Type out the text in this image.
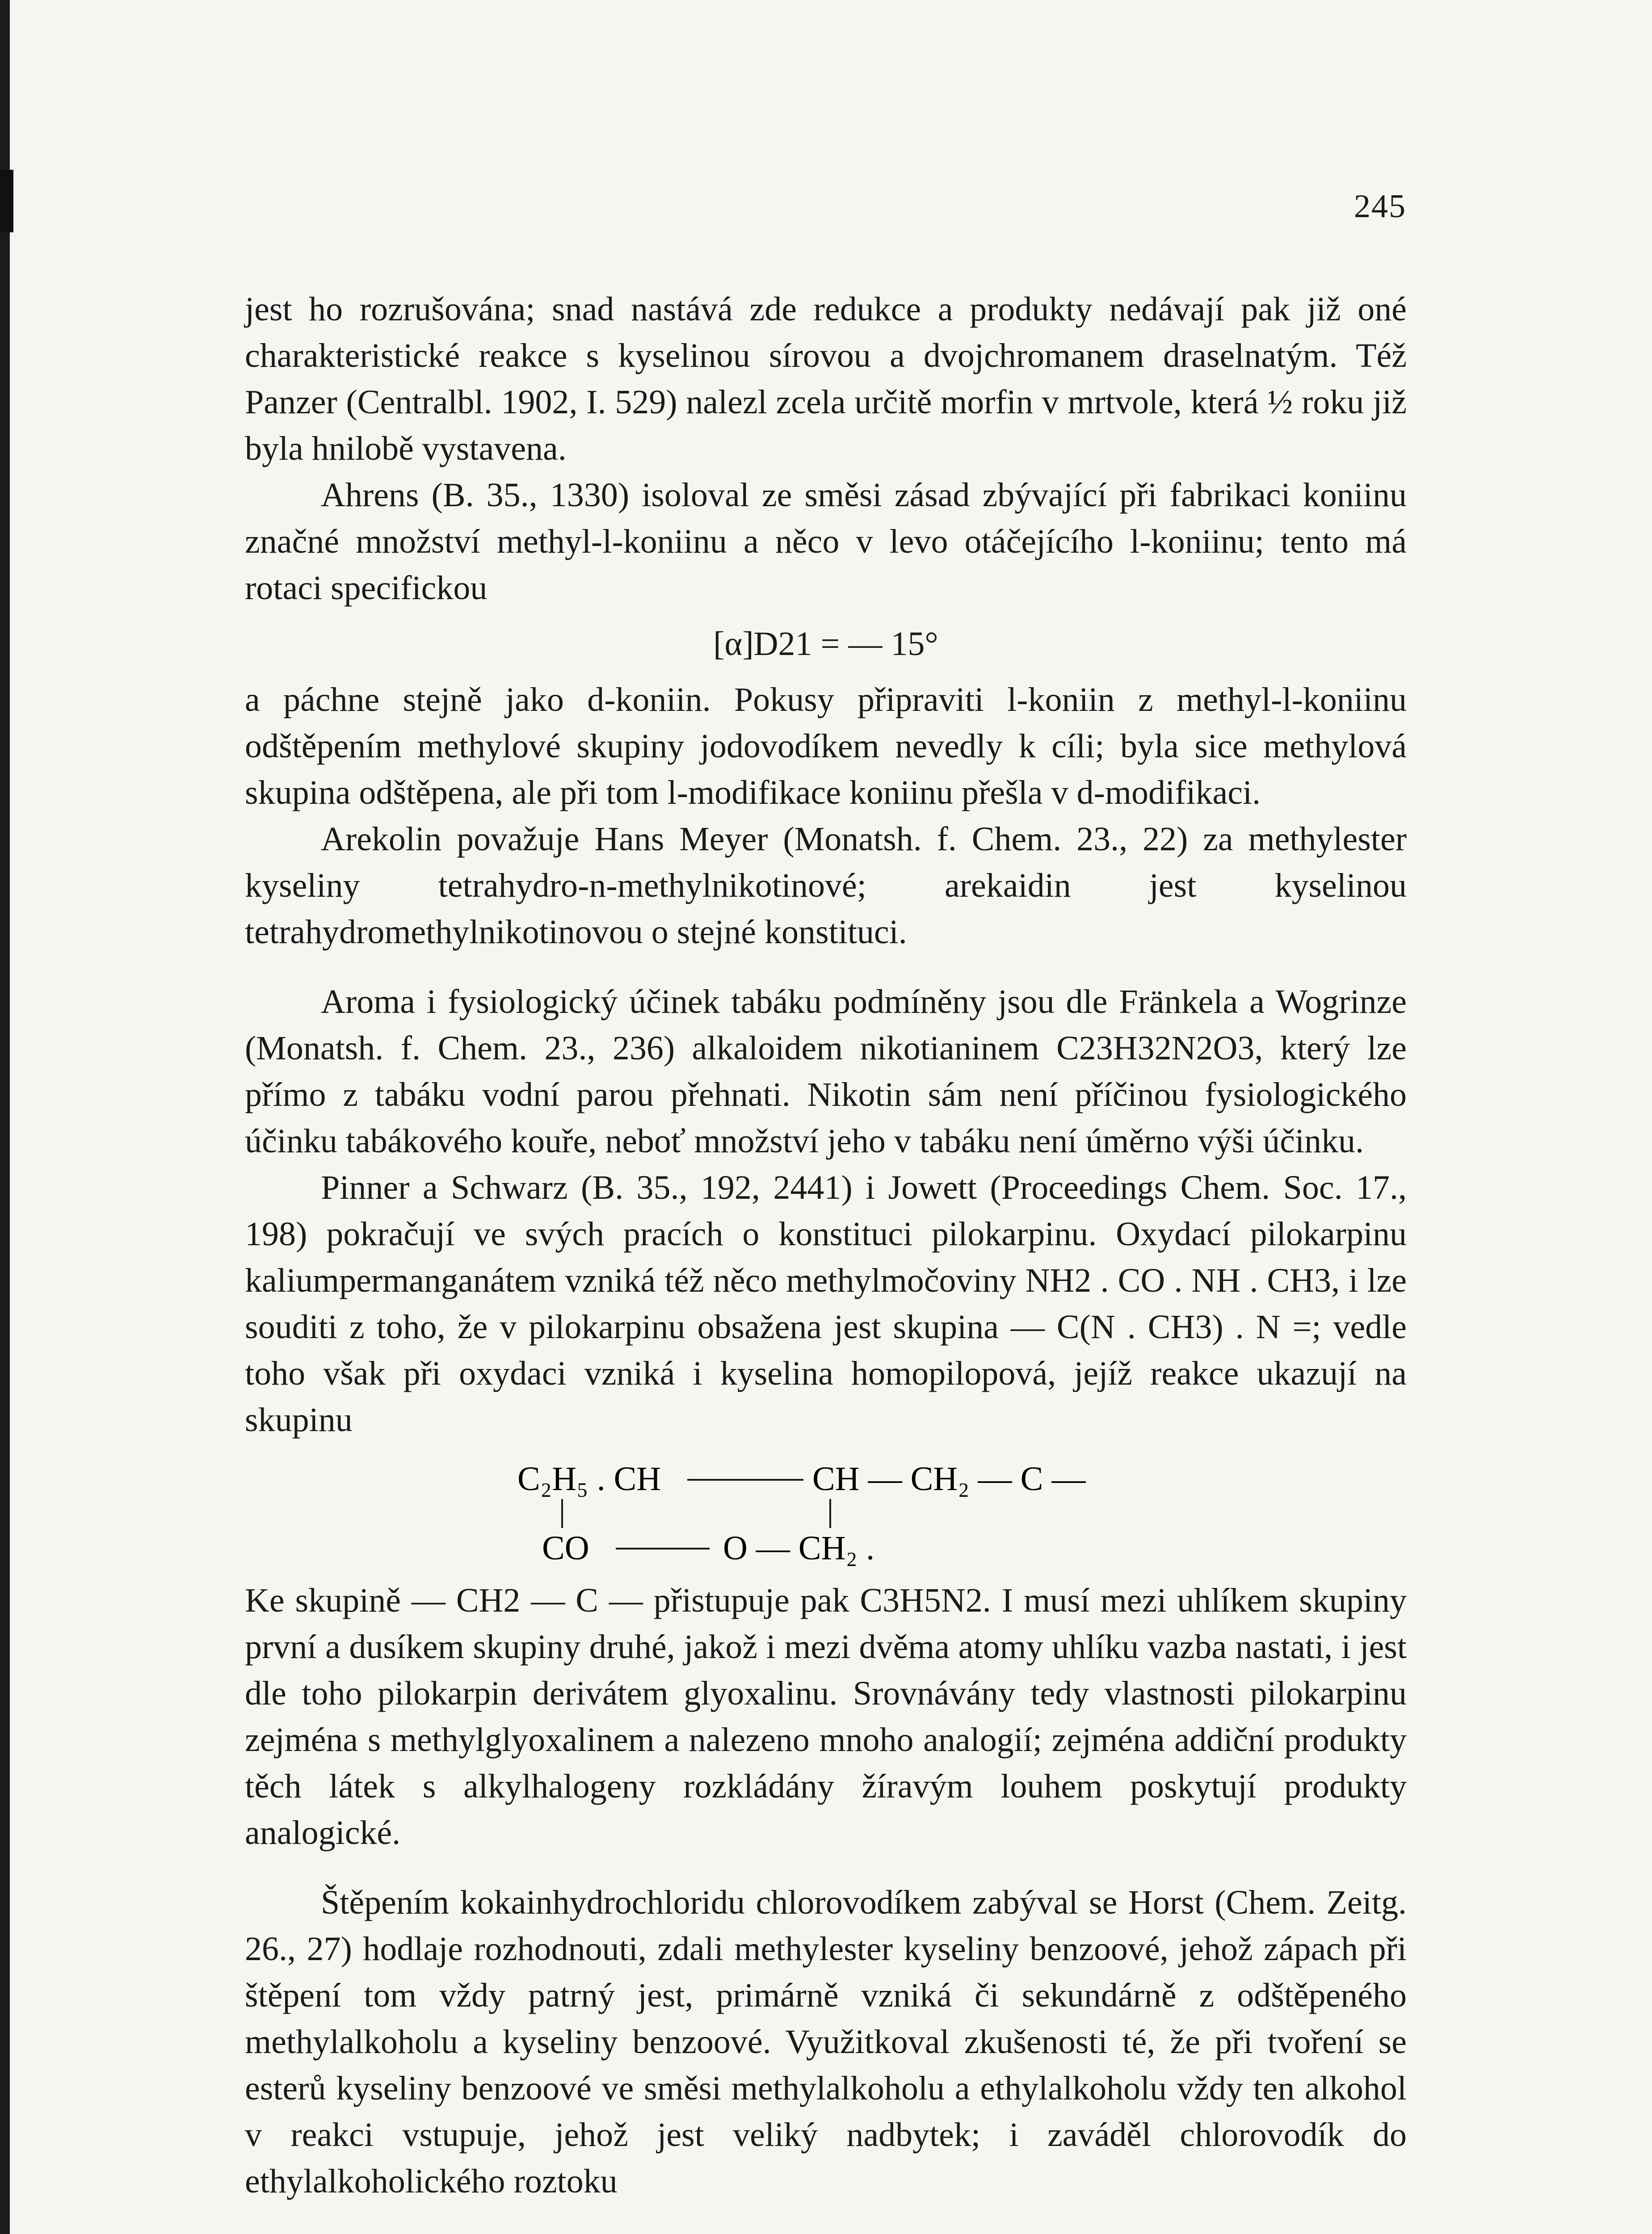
245

jest ho rozrušována; snad nastává zde redukce a produkty nedávají pak již oné charakteristické reakce s kyselinou sírovou a dvojchromanem draselnatým. Též Panzer (Centralbl. 1902, I. 529) nalezl zcela určitě morfin v mrtvole, která ½ roku již byla hnilobě vystavena.

Ahrens (B. 35., 1330) isoloval ze směsi zásad zbývající při fabrikaci koniinu značné množství methyl-l-koniinu a něco v levo otáčejícího l-koniinu; tento má rotaci specifickou

[α]D21 = — 15°

a páchne stejně jako d-koniin. Pokusy připraviti l-koniin z methyl-l-koniinu odštěpením methylové skupiny jodovodíkem nevedly k cíli; byla sice methylová skupina odštěpena, ale při tom l-modifikace koniinu přešla v d-modifikaci.

Arekolin považuje Hans Meyer (Monatsh. f. Chem. 23., 22) za methylester kyseliny tetrahydro-n-methylnikotinové; arekaidin jest kyselinou tetrahydromethylnikotinovou o stejné konstituci.

Aroma i fysiologický účinek tabáku podmíněny jsou dle Fränkela a Wogrinze (Monatsh. f. Chem. 23., 236) alkaloidem nikotianinem C23H32N2O3, který lze přímo z tabáku vodní parou přehnati. Nikotin sám není příčinou fysiologického účinku tabákového kouře, neboť množství jeho v tabáku není úměrno výši účinku.

Pinner a Schwarz (B. 35., 192, 2441) i Jowett (Proceedings Chem. Soc. 17., 198) pokračují ve svých pracích o konstituci pilokarpinu. Oxydací pilokarpinu kaliumpermanganátem vzniká též něco methylmočoviny NH2 . CO . NH . CH3, i lze souditi z toho, že v pilokarpinu obsažena jest skupina — C(N . CH3) . N =; vedle toho však při oxydaci vzniká i kyselina homopilopová, jejíž reakce ukazují na skupinu

C₂H₅ . CH	CH — CH₂ — C —
CO	O — CH₂ .

Ke skupině — CH2 — C — přistupuje pak C3H5N2. I musí mezi uhlíkem skupiny první a dusíkem skupiny druhé, jakož i mezi dvěma atomy uhlíku vazba nastati, i jest dle toho pilokarpin derivátem glyoxalinu. Srovnávány tedy vlastnosti pilokarpinu zejména s methylglyoxalinem a nalezeno mnoho analogií; zejména addiční produkty těch látek s alkylhalogeny rozkládány žíravým louhem poskytují produkty analogické.

Štěpením kokainhydrochloridu chlorovodíkem zabýval se Horst (Chem. Zeitg. 26., 27) hodlaje rozhodnouti, zdali methylester kyseliny benzoové, jehož zápach při štěpení tom vždy patrný jest, primárně vzniká či sekundárně z odštěpeného methylalkoholu a kyseliny benzoové. Využitkoval zkušenosti té, že při tvoření se esterů kyseliny benzoové ve směsi methylalkoholu a ethylalkoholu vždy ten alkohol v reakci vstupuje, jehož jest veliký nadbytek; i zaváděl chlorovodík do ethylalkoholického roztoku
